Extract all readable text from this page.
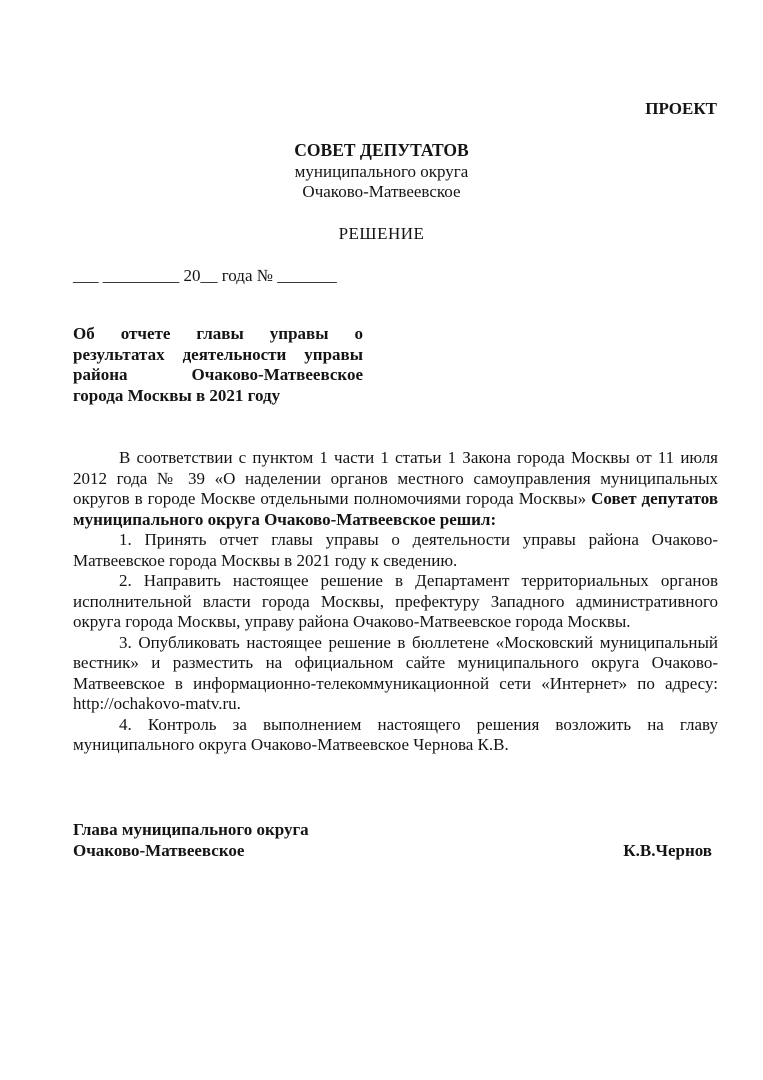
ПРОЕКТ
СОВЕТ ДЕПУТАТОВ
муниципального округа
Очаково-Матвеевское
РЕШЕНИЕ
___ _________ 20__ года № _______
Об отчете главы управы о
результатах деятельности управы
района Очаково-Матвеевское
города Москвы в 2021 году

В соответствии с пунктом 1 части 1 статьи 1 Закона города Москвы от 11 июля 2012 года № 39 «О наделении органов местного самоуправления муниципальных округов в городе Москве отдельными полномочиями города Москвы» Совет депутатов муниципального округа Очаково-Матвеевское решил:

1. Принять отчет главы управы о деятельности управы района Очаково-Матвеевское города Москвы в 2021 году к сведению.

2. Направить настоящее решение в Департамент территориальных органов исполнительной власти города Москвы, префектуру Западного административного округа города Москвы, управу района Очаково-Матвеевское города Москвы.

3. Опубликовать настоящее решение в бюллетене «Московский муниципальный вестник» и разместить на официальном сайте муниципального округа Очаково-Матвеевское в информационно-телекоммуникационной сети «Интернет» по адресу: http://ochakovo-matv.ru.

4. Контроль за выполнением настоящего решения возложить на главу муниципального округа Очаково-Матвеевское Чернова К.В.

Глава муниципального округа
Очаково-Матвеевское	К.В.Чернов
